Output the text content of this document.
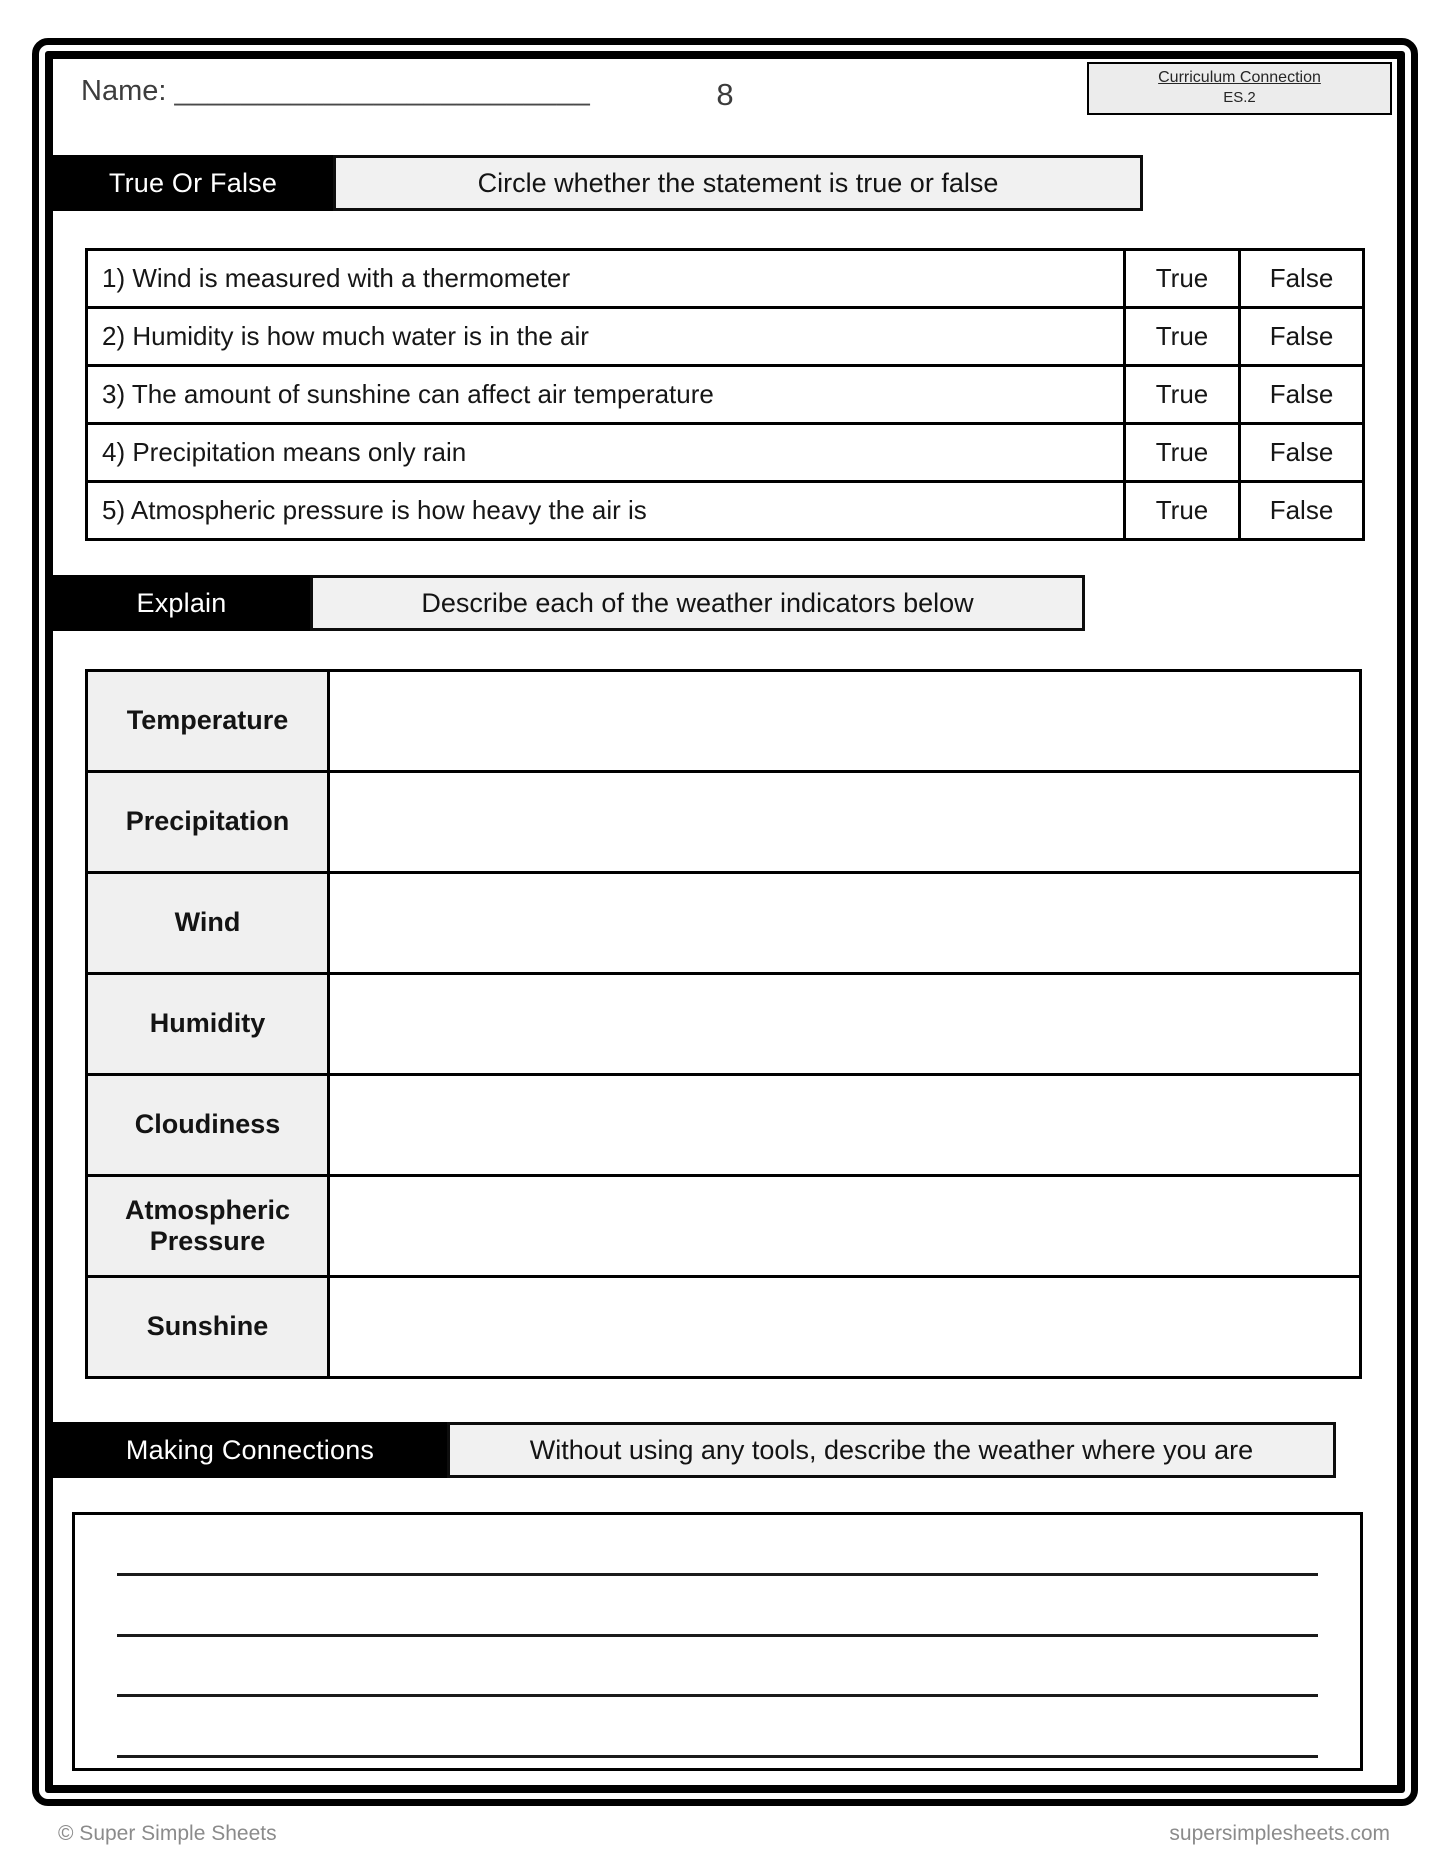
Name: _________________________	8	Curriculum Connection
ES.2
True Or False	Circle whether the statement is true or false
1) Wind is measured with a thermometer	True	False
2) Humidity is how much water is in the air	True	False
3) The amount of sunshine can affect air temperature	True	False
4) Precipitation means only rain	True	False
5) Atmospheric pressure is how heavy the air is	True	False
Explain	Describe each of the weather indicators below
Temperature	
Precipitation	
Wind	
Humidity	
Cloudiness	
Atmospheric Pressure	
Sunshine	
Making Connections	Without using any tools, describe the weather where you are
© Super Simple Sheets	supersimplesheets.com
